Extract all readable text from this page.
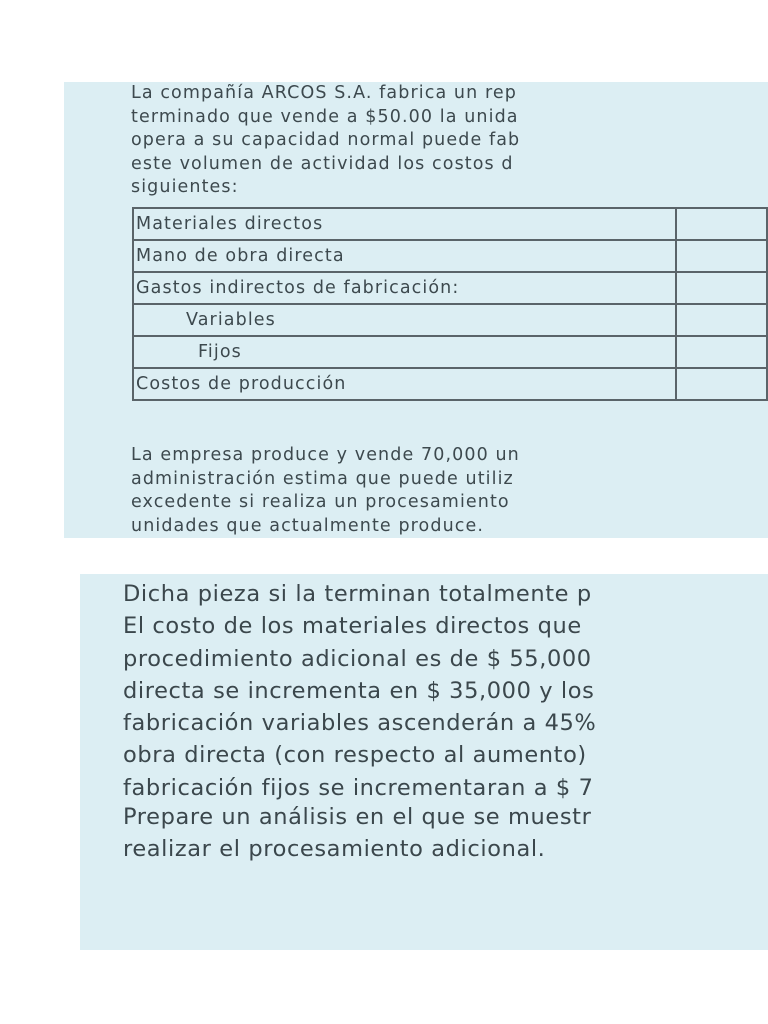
La compañía ARCOS S.A. fabrica un rep
terminado que vende a $50.00 la unida
opera a su capacidad normal puede fab
este volumen de actividad los costos d
siguientes:
Materiales directos	
Mano de obra directa	
Gastos indirectos de fabricación:	
Variables	
Fijos	
Costos de producción	
La empresa produce y vende 70,000 un
administración estima que puede utiliz
excedente si realiza un procesamiento
unidades que actualmente produce.
Dicha pieza si la terminan totalmente p
El costo de los materiales directos que
procedimiento adicional es de $ 55,000
directa se incrementa en $ 35,000 y los
fabricación variables ascenderán a 45%
obra directa (con respecto al aumento)
fabricación fijos se incrementaran a $ 7
Prepare un análisis en el que se muestr
realizar el procesamiento adicional.
